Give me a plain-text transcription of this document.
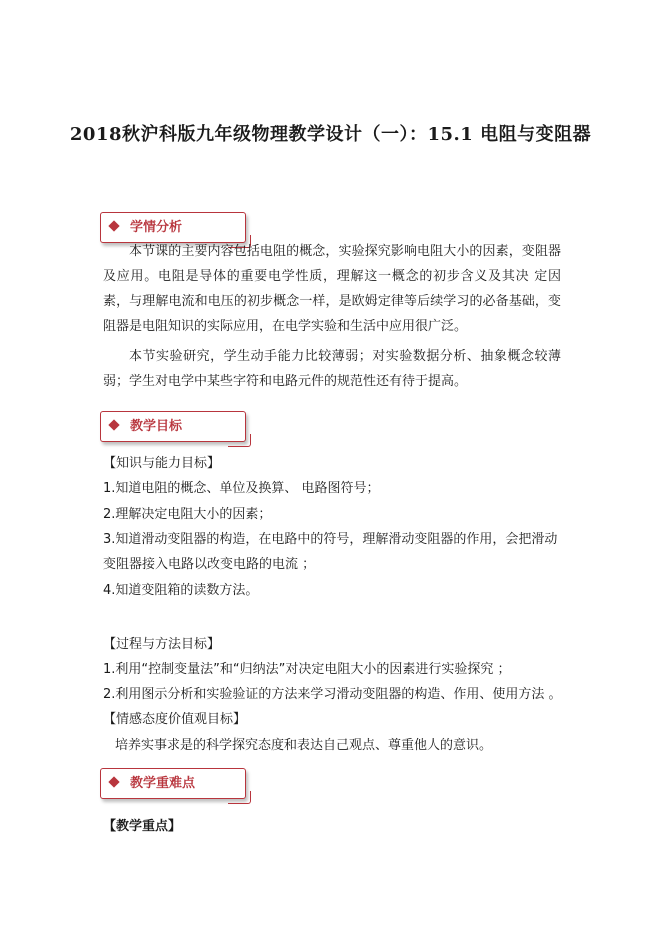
2018秋沪科版九年级物理教学设计（一）：15.1 电阻与变阻器
学情分析
本节课的主要内容包括电阻的概念，实验探究影响电阻大小的因素，变阻器及应用。电阻是导体的重要电学性质，理解这一概念的初步含义及其决 定因素，与理解电流和电压的初步概念一样，是欧姆定律等后续学习的必备基础，变阻器是电阻知识的实际应用，在电学实验和生活中应用很广泛。
本节实验研究，学生动手能力比较薄弱；对实验数据分析、抽象概念较薄弱；学生对电学中某些字符和电路元件的规范性还有待于提高。
教学目标
【知识与能力目标】
1.知道电阻的概念、单位及换算、 电路图符号；
2.理解决定电阻大小的因素；
3.知道滑动变阻器的构造，在电路中的符号，理解滑动变阻器的作用，会把滑动变阻器接入电路以改变电路的电流 ；
4.知道变阻箱的读数方法。
【过程与方法目标】
1.利用“控制变量法”和“归纳法”对决定电阻大小的因素进行实验探究 ；
2.利用图示分析和实验验证的方法来学习滑动变阻器的构造、作用、使用方法 。
【情感态度价值观目标】
培养实事求是的科学探究态度和表达自己观点、尊重他人的意识。
教学重难点
【教学重点】
